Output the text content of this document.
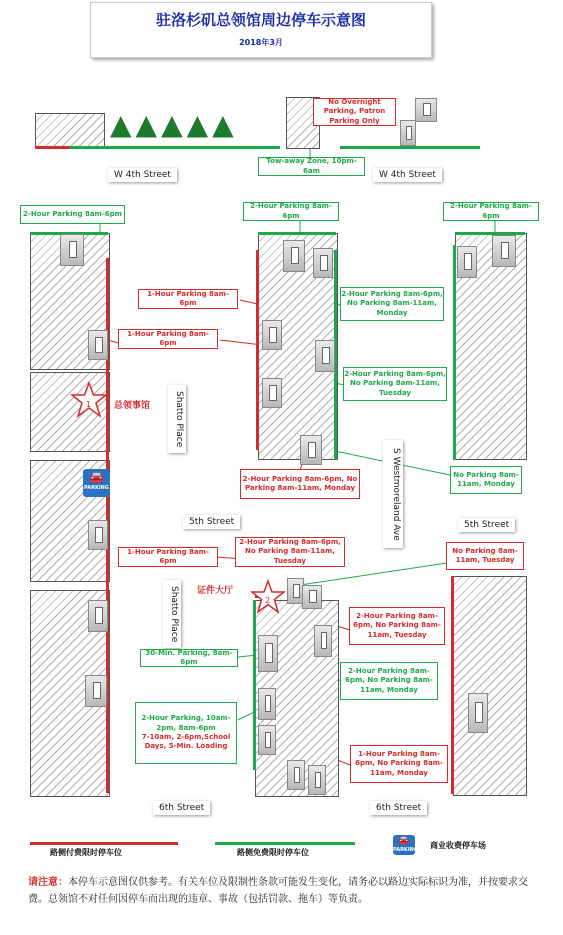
驻洛杉矶总领馆周边停车示意图
2018年3月
▲▲▲▲▲
No Overnight Parking, Patron Parking Only
Tow-away Zone, 10pm-6am
W 4th Street	W 4th Street
2-Hour Parking 8am-6pm
2-Hour Parking 8am-6pm
2-Hour Parking 8am-6pm
1	总领事馆
🚘
PARKING
Shatto Place
Shatto Place
1-Hour Parking 8am-6pm
1-Hour Parking 8am-6pm
1-Hour Parking 8am-6pm
2-Hour Parking 8am-6pm, No Parking 8am-11am, Monday
2-Hour Parking 8am-6pm, No Parking 8am-11am, Tuesday
2-Hour Parking 8am-6pm, No Parking 8am-11am, Monday	S Westmoreland Ave	No Parking 8am-11am, Monday
5th Street	5th Street
2-Hour Parking 8am-6pm, No Parking 8am-11am, Tuesday
2
证件大厅
No Parking 8am-11am, Tuesday
2-Hour Parking 8am-6pm, No Parking 8am-11am, Tuesday
2-Hour Parking 8am-6pm, No Parking 8am-11am, Monday
1-Hour Parking 8am-6pm, No Parking 8am-11am, Monday
30-Min. Parking, 8am-6pm
2-Hour Parking, 10am-2pm, 8am-6pm
7-10am, 2-6pm,School Days, 5-Min. Loading
6th Street	6th Street
路侧付费限时停车位	路侧免费限时停车位
🚘
PARKING 商业收费停车场
请注意：本停车示意图仅供参考。有关车位及限制性条款可能发生变化，请务必以路边实际标识为准，并按要求交费。总领馆不对任何因停车而出现的违章、事故（包括罚款、拖车）等负责。
